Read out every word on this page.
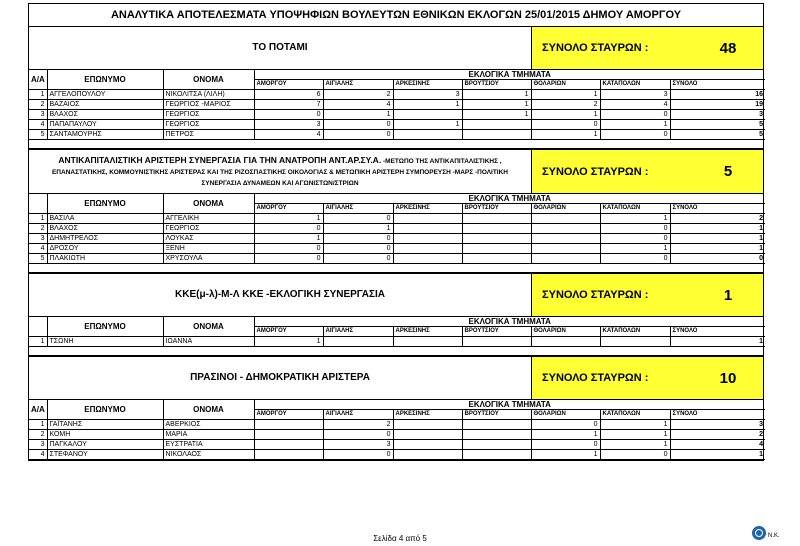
ΑΝΑΛΥΤΙΚΑ ΑΠΟΤΕΛΕΣΜΑΤΑ ΥΠΟΨΗΦΙΩΝ ΒΟΥΛΕΥΤΩΝ ΕΘΝΙΚΩΝ ΕΚΛΟΓΩΝ 25/01/2015 ΔΗΜΟΥ ΑΜΟΡΓΟΥ
ΤΟ ΠΟΤΑΜΙ	ΣΥΝΟΛΟ ΣΤΑΥΡΩΝ :	48
Α/Α	ΕΠΩΝΥΜΟ	ΟΝΟΜΑ	ΕΚΛΟΓΙΚΑ ΤΜΗΜΑΤΑ						
			ΑΜΟΡΓΟΥ	ΑΙΓΙΑΛΗΣ	ΑΡΚΕΣΙΝΗΣ	ΒΡΟΥΤΣΙΟΥ	ΘΟΛΑΡΙΩΝ	ΚΑΤΑΠΟΛΩΝ	ΣΥΝΟΛΟ
1	ΑΓΓΕΛΟΠΟΥΛΟΥ	ΝΙΚΟΛΙΤΣΑ (ΛΙΛΗ)	6	2	3	1	1	3	16
2	ΒΑΖΑΙΟΣ	ΓΕΩΡΓΙΟΣ -ΜΑΡΙΟΣ	7	4	1	1	2	4	19
3	ΒΛΑΧΟΣ	ΓΕΩΡΓΙΟΣ	0	1		1	1	0	3
4	ΠΑΠΑΠΑΥΛΟΥ	ΓΕΩΡΓΙΟΣ	3	0	1		0	1	5
5	ΣΑΝΤΑΜΟΥΡΗΣ	ΠΕΤΡΟΣ	4	0			1	0	5
ΑΝΤΙΚΑΠΙΤΑΛΙΣΤΙΚΗ ΑΡΙΣΤΕΡΗ ΣΥΝΕΡΓΑΣΙΑ ΓΙΑ ΤΗΝ ΑΝΑΤΡΟΠΗ ΑΝΤ.ΑΡ.ΣΥ.Α. -ΜΕΤΩΠΟ ΤΗΣ ΑΝΤΙΚΑΠΙΤΑΛΙΣΤΙΚΗΣ , ΕΠΑΝΑΣΤΑΤΙΚΗΣ, ΚΟΜΜΟΥΝΙΣΤΙΚΗΣ ΑΡΙΣΤΕΡΑΣ ΚΑΙ ΤΗΣ ΡΙΖΟΣΠΑΣΤΙΚΗΣ ΟΙΚΟΛΟΓΙΑΣ & ΜΕΤΩΠΙΚΗ ΑΡΙΣΤΕΡΗ ΣΥΜΠΟΡΕΥΣΗ -ΜΑΡΣ -ΠΟΛΙΤΙΚΗ ΣΥΝΕΡΓΑΣΙΑ ΔΥΝΑΜΕΩΝ ΚΑΙ ΑΓΩΝΙΣΤΩΝ/ΣΤΡΙΩΝ
ΣΥΝΟΛΟ ΣΤΑΥΡΩΝ :	5
	ΕΠΩΝΥΜΟ	ΟΝΟΜΑ	ΕΚΛΟΓΙΚΑ ΤΜΗΜΑΤΑ						
			ΑΜΟΡΓΟΥ	ΑΙΓΙΑΛΗΣ	ΑΡΚΕΣΙΝΗΣ	ΒΡΟΥΤΣΙΟΥ	ΘΟΛΑΡΙΩΝ	ΚΑΤΑΠΟΛΩΝ	ΣΥΝΟΛΟ
1	ΒΑΣΙΛΑ	ΑΓΓΕΛΙΚΗ	1	0				1	2
2	ΒΛΑΧΟΣ	ΓΕΩΡΓΙΟΣ	0	1				0	1
3	ΔΗΜΗΤΡΕΛΟΣ	ΛΟΥΚΑΣ	1	0				0	1
4	ΔΡΟΣΟΥ	ΞΕΝΗ	0	0				1	1
5	ΠΛΑΚΙΩΤΗ	ΧΡΥΣΟΥΛΑ	0	0				0	0
ΚΚΕ(μ-λ)-Μ-Λ ΚΚΕ -ΕΚΛΟΓΙΚΗ ΣΥΝΕΡΓΑΣΙΑ	ΣΥΝΟΛΟ ΣΤΑΥΡΩΝ :	1
	ΕΠΩΝΥΜΟ	ΟΝΟΜΑ	ΕΚΛΟΓΙΚΑ ΤΜΗΜΑΤΑ						
			ΑΜΟΡΓΟΥ	ΑΙΓΙΑΛΗΣ	ΑΡΚΕΣΙΝΗΣ	ΒΡΟΥΤΣΙΟΥ	ΘΟΛΑΡΙΩΝ	ΚΑΤΑΠΟΛΩΝ	ΣΥΝΟΛΟ
1	ΤΣΩΝΗ	ΙΩΑΝΝΑ	1						1
ΠΡΑΣΙΝΟΙ - ΔΗΜΟΚΡΑΤΙΚΗ ΑΡΙΣΤΕΡΑ	ΣΥΝΟΛΟ ΣΤΑΥΡΩΝ :	10
Α/Α	ΕΠΩΝΥΜΟ	ΟΝΟΜΑ	ΕΚΛΟΓΙΚΑ ΤΜΗΜΑΤΑ						
			ΑΜΟΡΓΟΥ	ΑΙΓΙΑΛΗΣ	ΑΡΚΕΣΙΝΗΣ	ΒΡΟΥΤΣΙΟΥ	ΘΟΛΑΡΙΩΝ	ΚΑΤΑΠΟΛΩΝ	ΣΥΝΟΛΟ
1	ΓΑΪΤΑΝΗΣ	ΑΒΕΡΚΙΟΣ		2			0	1	3
2	ΚΟΜΗ	ΜΑΡΙΑ		0			1	1	2
3	ΠΑΓΚΑΛΟΥ	ΕΥΣΤΡΑΤΙΑ		3			0	1	4
4	ΣΤΕΦΑΝΟΥ	ΝΙΚΟΛΑΟΣ		0			1	0	1
Σελίδα 4 από 5	Ν.Κ.
